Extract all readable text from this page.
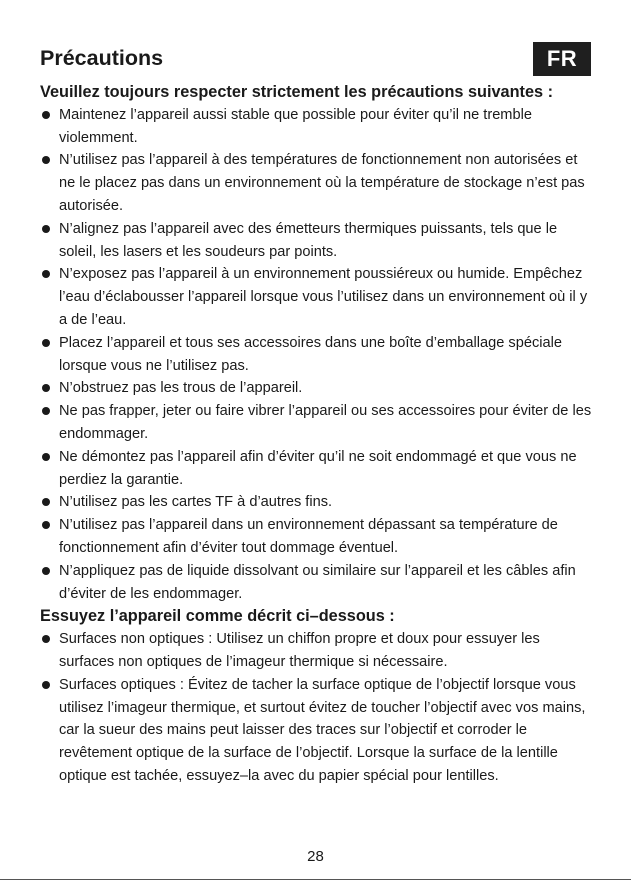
Précautions	FR
Veuillez toujours respecter strictement les précautions suivantes :
Maintenez l’appareil aussi stable que possible pour éviter qu’il ne tremble violemment.
N’utilisez pas l’appareil à des températures de fonctionnement non autorisées et ne le placez pas dans un environnement où la température de stockage n’est pas autorisée.
N’alignez pas l’appareil avec des émetteurs thermiques puissants, tels que le soleil, les lasers et les soudeurs par points.
N’exposez pas l’appareil à un environnement poussiéreux ou humide. Empêchez l’eau d’éclabousser l’appareil lorsque vous l’utilisez dans un environnement où il y a de l’eau.
Placez l’appareil et tous ses accessoires dans une boîte d’emballage spéciale lorsque vous ne l’utilisez pas.
N’obstruez pas les trous de l’appareil.
Ne pas frapper, jeter ou faire vibrer l’appareil ou ses accessoires pour éviter de les endommager.
Ne démontez pas l’appareil afin d’éviter qu’il ne soit endommagé et que vous ne perdiez la garantie.
N’utilisez pas les cartes TF à d’autres fins.
N’utilisez pas l’appareil dans un environnement dépassant sa température de fonctionnement afin d’éviter tout dommage éventuel.
N’appliquez pas de liquide dissolvant ou similaire sur l’appareil et les câbles afin d’éviter de les endommager.
Essuyez l’appareil comme décrit ci–dessous :
Surfaces non optiques : Utilisez un chiffon propre et doux pour essuyer les surfaces non optiques de l’imageur thermique si nécessaire.
Surfaces optiques : Évitez de tacher la surface optique de l’objectif lorsque vous utilisez l’imageur thermique, et surtout évitez de toucher l’objectif avec vos mains, car la sueur des mains peut laisser des traces sur l’objectif et corroder le revêtement optique de la surface de l’objectif. Lorsque la surface de la lentille optique est tachée, essuyez–la avec du papier spécial pour lentilles.
28
